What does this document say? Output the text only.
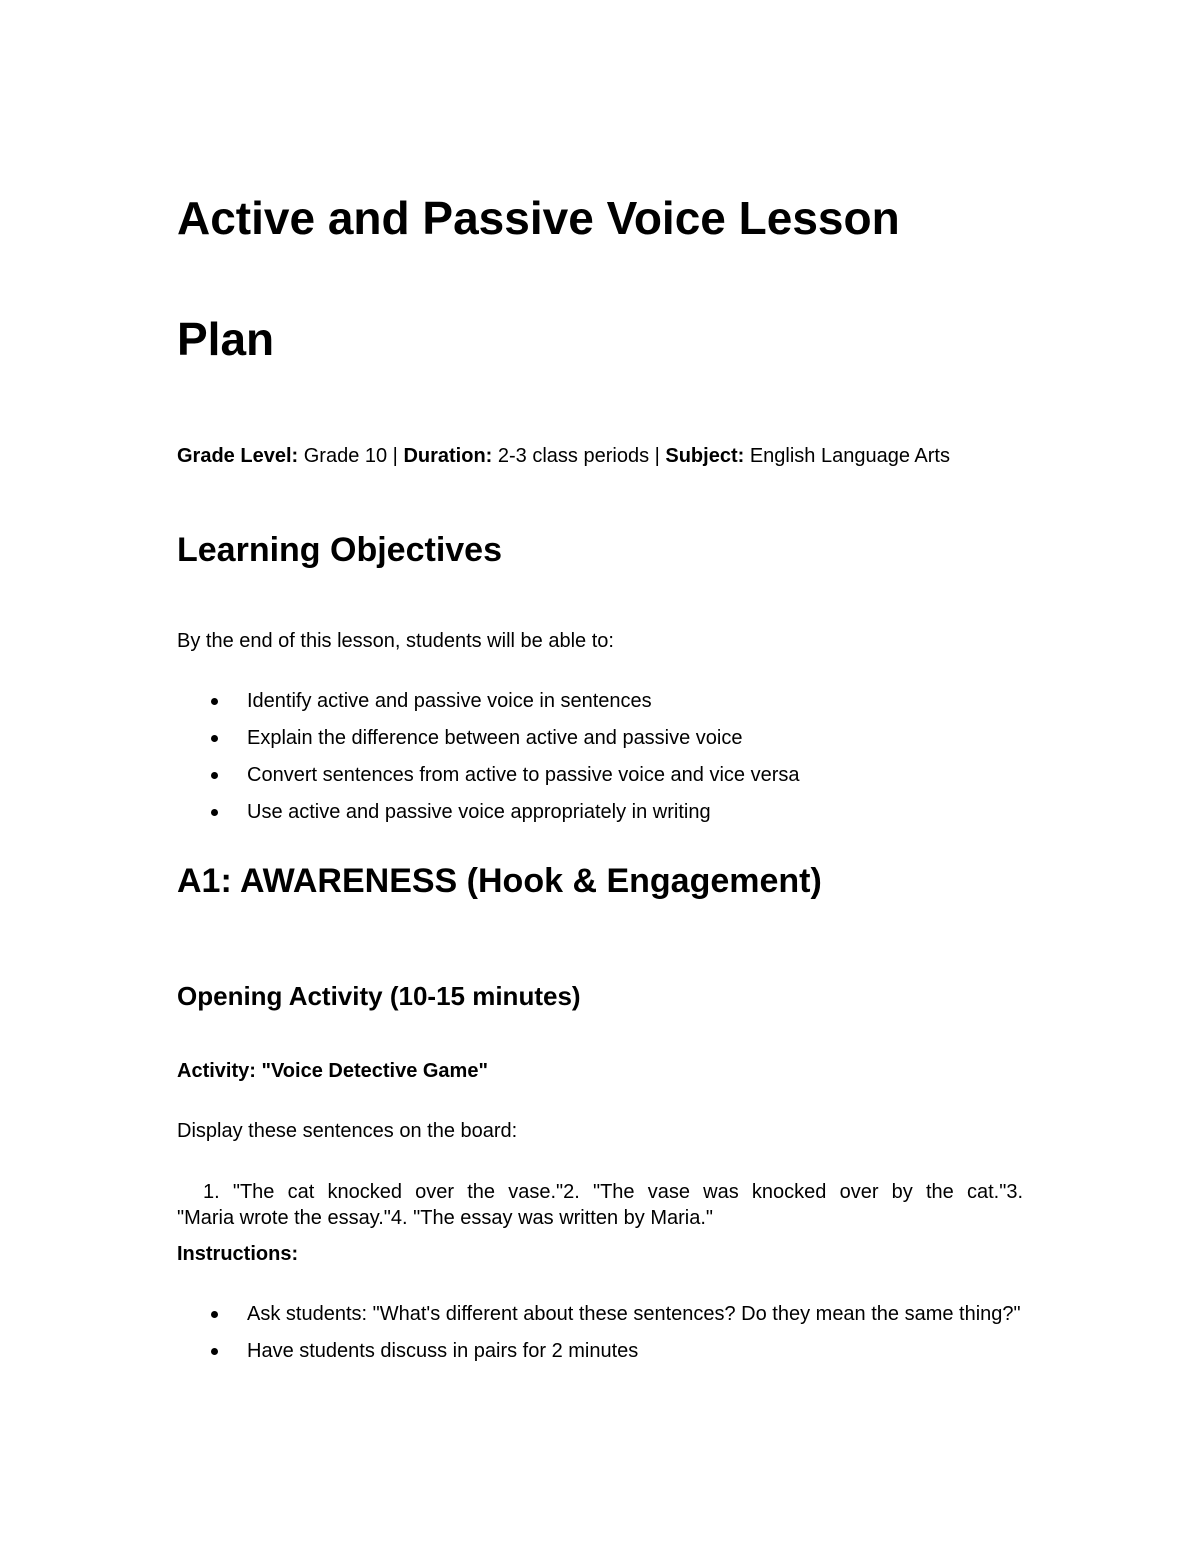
Active and Passive Voice Lesson
Plan
Grade Level: Grade 10 | Duration: 2-3 class periods | Subject: English Language Arts
Learning Objectives
By the end of this lesson, students will be able to:
Identify active and passive voice in sentences
Explain the difference between active and passive voice
Convert sentences from active to passive voice and vice versa
Use active and passive voice appropriately in writing
A1: AWARENESS (Hook & Engagement)
Opening Activity (10-15 minutes)
Activity: "Voice Detective Game"
Display these sentences on the board:
1. "The cat knocked over the vase."2. "The vase was knocked over by the cat."3.
"Maria wrote the essay."4. "The essay was written by Maria."
Instructions:
Ask students: "What's different about these sentences? Do they mean the same thing?"
Have students discuss in pairs for 2 minutes
